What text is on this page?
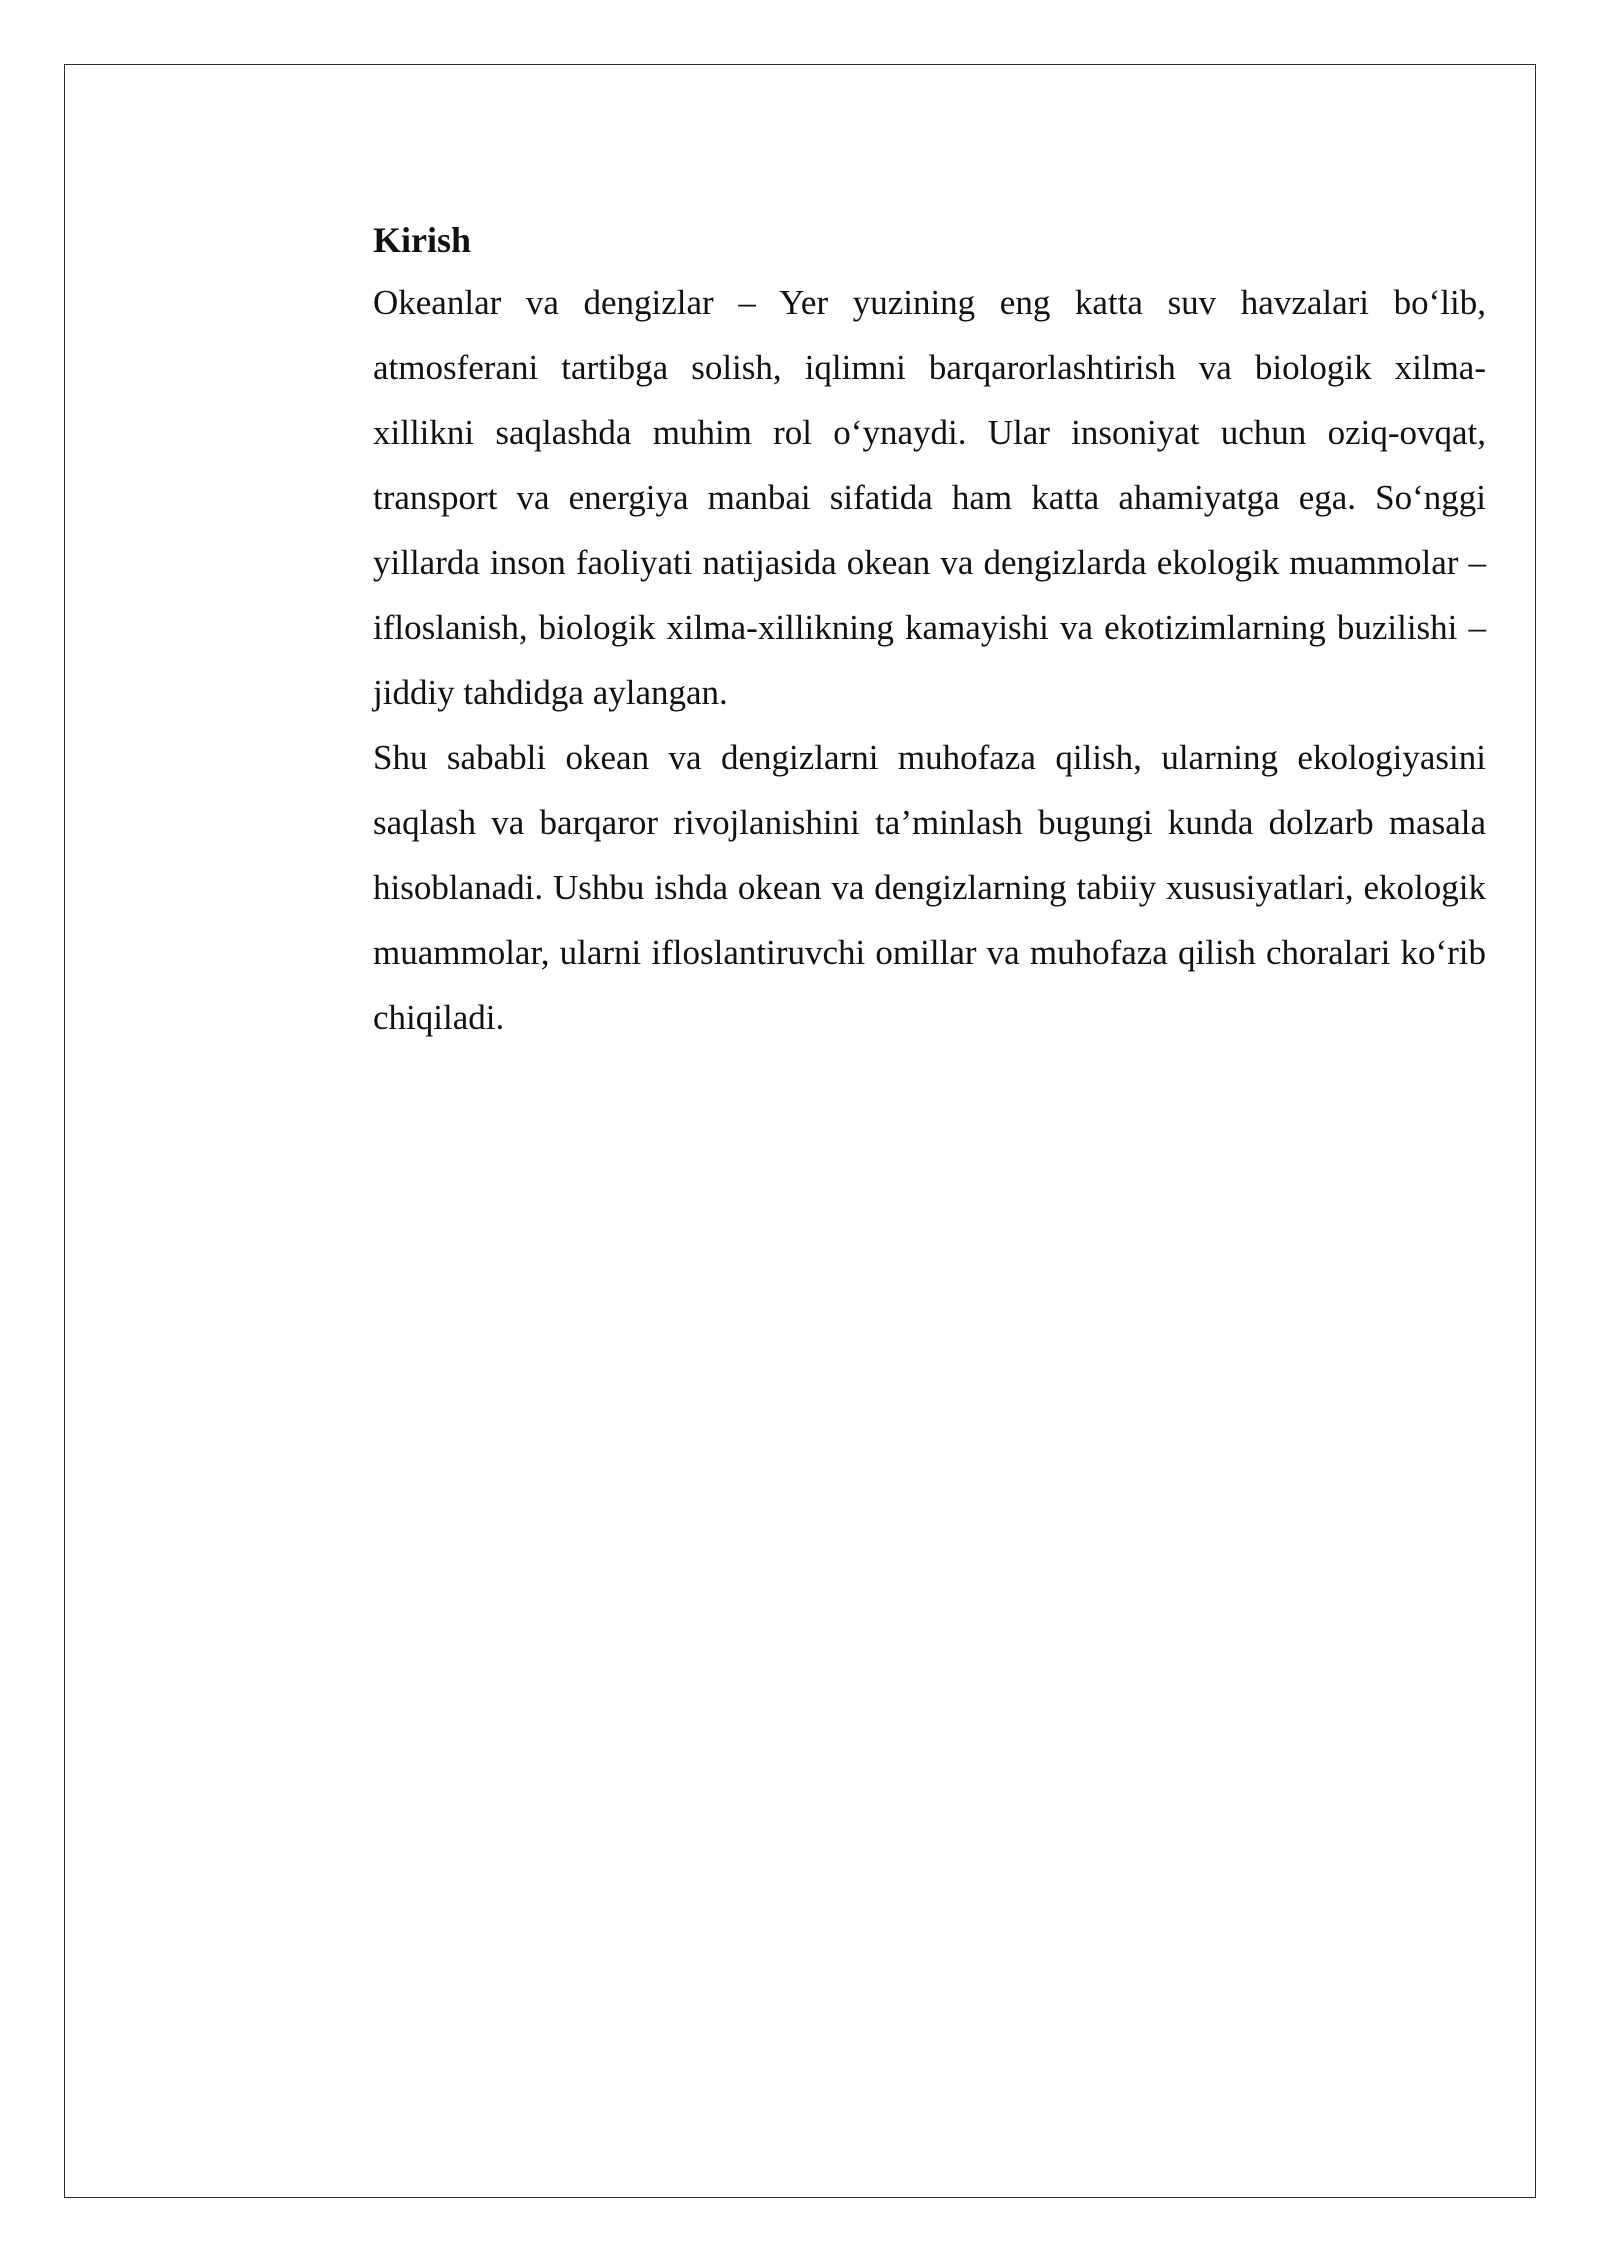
Kirish

Okeanlar va dengizlar – Yer yuzining eng katta suv havzalari bo‘lib, atmosferani tartibga solish, iqlimni barqarorlashtirish va biologik xilma-xillikni saqlashda muhim rol o‘ynaydi. Ular insoniyat uchun oziq-ovqat, transport va energiya manbai sifatida ham katta ahamiyatga ega. So‘nggi yillarda inson faoliyati natijasida okean va dengizlarda ekologik muammolar – ifloslanish, biologik xilma-xillikning kamayishi va ekotizimlarning buzilishi – jiddiy tahdidga aylangan.

Shu sababli okean va dengizlarni muhofaza qilish, ularning ekologiyasini saqlash va barqaror rivojlanishini ta’minlash bugungi kunda dolzarb masala hisoblanadi. Ushbu ishda okean va dengizlarning tabiiy xususiyatlari, ekologik muammolar, ularni ifloslantiruvchi omillar va muhofaza qilish choralari ko‘rib chiqiladi.
